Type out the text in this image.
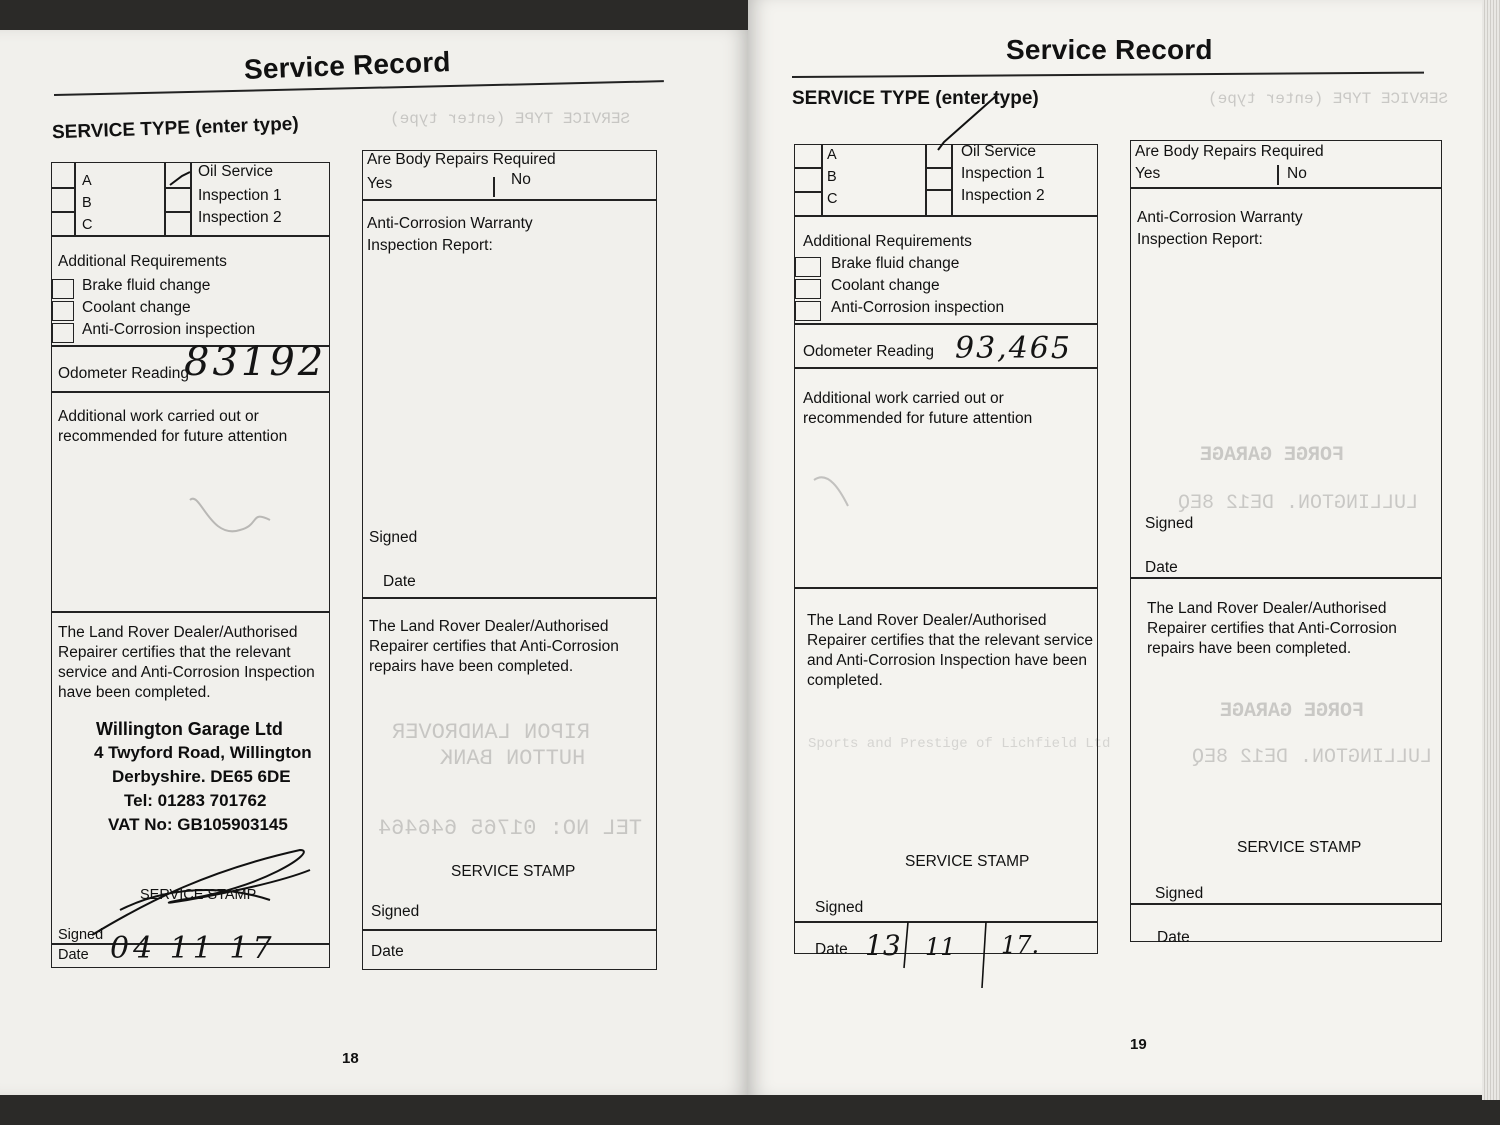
SERVICE TYPE (enter type)
RIPON LANDROVER
HUTTON BANK
TEL NO: 01765 646464
Service Record
SERVICE TYPE (enter type)
A
B
C
Oil Service
Inspection 1
Inspection 2
Additional Requirements
Brake fluid change
Coolant change
Anti-Corrosion inspection
Odometer Reading
83192
Additional work carried out or recommended for future attention
The Land Rover Dealer/Authorised Repairer certifies that the relevant service and Anti-Corrosion Inspection have been completed.
Willington Garage Ltd
4 Twyford Road, Willington
Derbyshire. DE65 6DE
Tel: 01283 701762
VAT No: GB105903145
SERVICE STAMP
Signed
Date 04 11 17
Are Body Repairs Required
Yes	No
Anti-Corrosion Warranty
Inspection Report:
Signed
Date
The Land Rover Dealer/Authorised Repairer certifies that Anti-Corrosion repairs have been completed.
SERVICE STAMP
Signed
Date
18
SERVICE TYPE (enter type)
FORGE GARAGE
LULLINGTON. DE12 8EQ
FORGE GARAGE
LULLINGTON. DE12 8EQ
Sports and Prestige of Lichfield Ltd
Service Record
SERVICE TYPE (enter type)
A
B
C
Oil Service
Inspection 1
Inspection 2
Additional Requirements
Brake fluid change
Coolant change
Anti-Corrosion inspection
Odometer Reading 93,465
Additional work carried out or recommended for future attention
The Land Rover Dealer/Authorised Repairer certifies that the relevant service and Anti-Corrosion Inspection have been completed.
SERVICE STAMP
Signed
Date 13 11 17.
Are Body Repairs Required
Yes	No
Anti-Corrosion Warranty
Inspection Report:
Signed
Date
The Land Rover Dealer/Authorised Repairer certifies that Anti-Corrosion repairs have been completed.
SERVICE STAMP
Signed
Date
19
